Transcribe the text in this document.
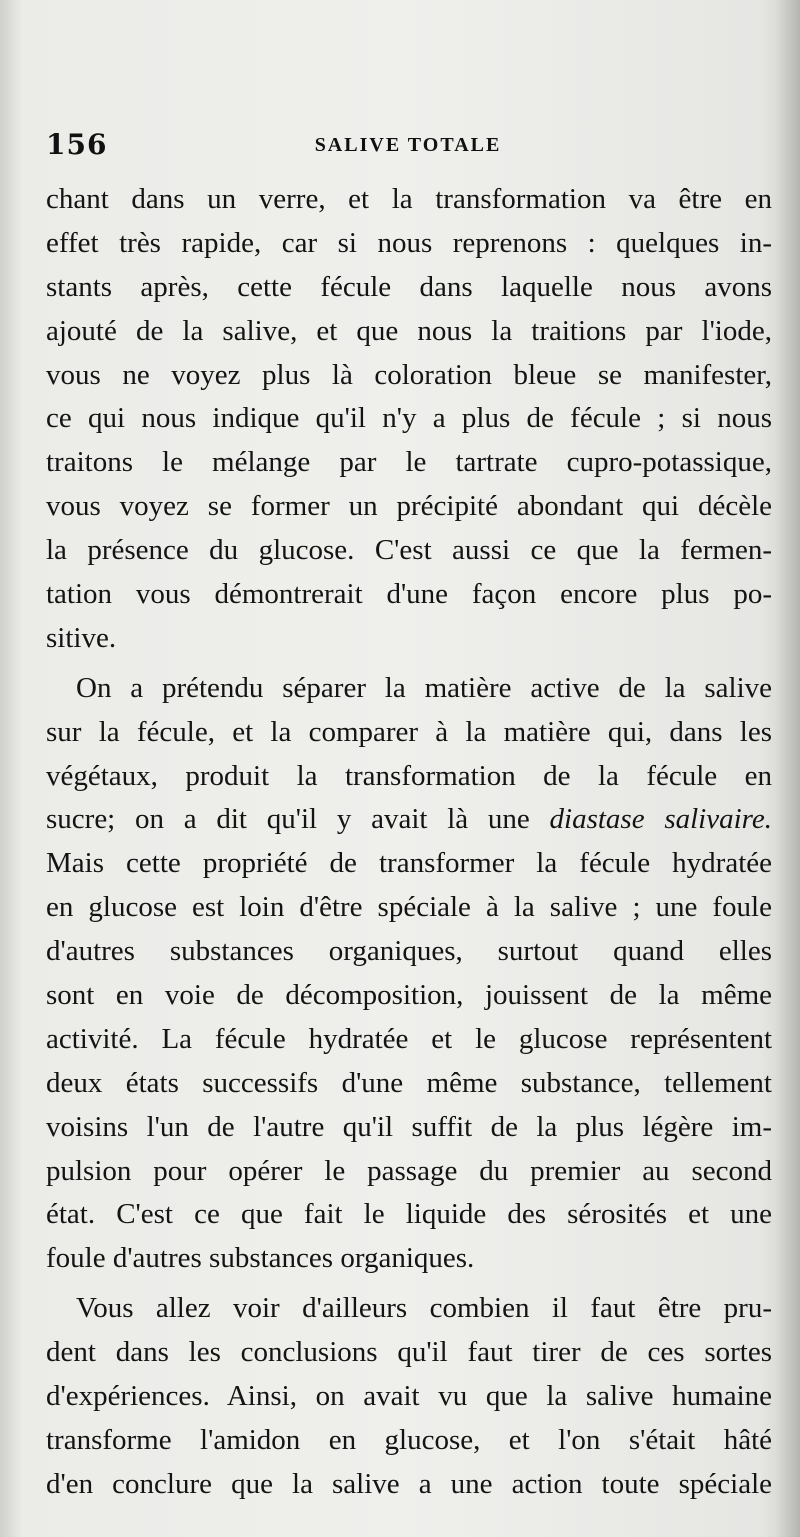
156	SALIVE TOTALE
chant dans un verre, et la transformation va être en
effet très rapide, car si nous reprenons : quelques in-
stants après, cette fécule dans laquelle nous avons
ajouté de la salive, et que nous la traitions par l'iode,
vous ne voyez plus là coloration bleue se manifester,
ce qui nous indique qu'il n'y a plus de fécule ; si nous
traitons le mélange par le tartrate cupro-potassique,
vous voyez se former un précipité abondant qui décèle
la présence du glucose. C'est aussi ce que la fermen-
tation vous démontrerait d'une façon encore plus po-
sitive.
On a prétendu séparer la matière active de la salive
sur la fécule, et la comparer à la matière qui, dans les
végétaux, produit la transformation de la fécule en
sucre; on a dit qu'il y avait là une diastase salivaire.
Mais cette propriété de transformer la fécule hydratée
en glucose est loin d'être spéciale à la salive ; une foule
d'autres substances organiques, surtout quand elles
sont en voie de décomposition, jouissent de la même
activité. La fécule hydratée et le glucose représentent
deux états successifs d'une même substance, tellement
voisins l'un de l'autre qu'il suffit de la plus légère im-
pulsion pour opérer le passage du premier au second
état. C'est ce que fait le liquide des sérosités et une
foule d'autres substances organiques.
Vous allez voir d'ailleurs combien il faut être pru-
dent dans les conclusions qu'il faut tirer de ces sortes
d'expériences. Ainsi, on avait vu que la salive humaine
transforme l'amidon en glucose, et l'on s'était hâté
d'en conclure que la salive a une action toute spéciale
